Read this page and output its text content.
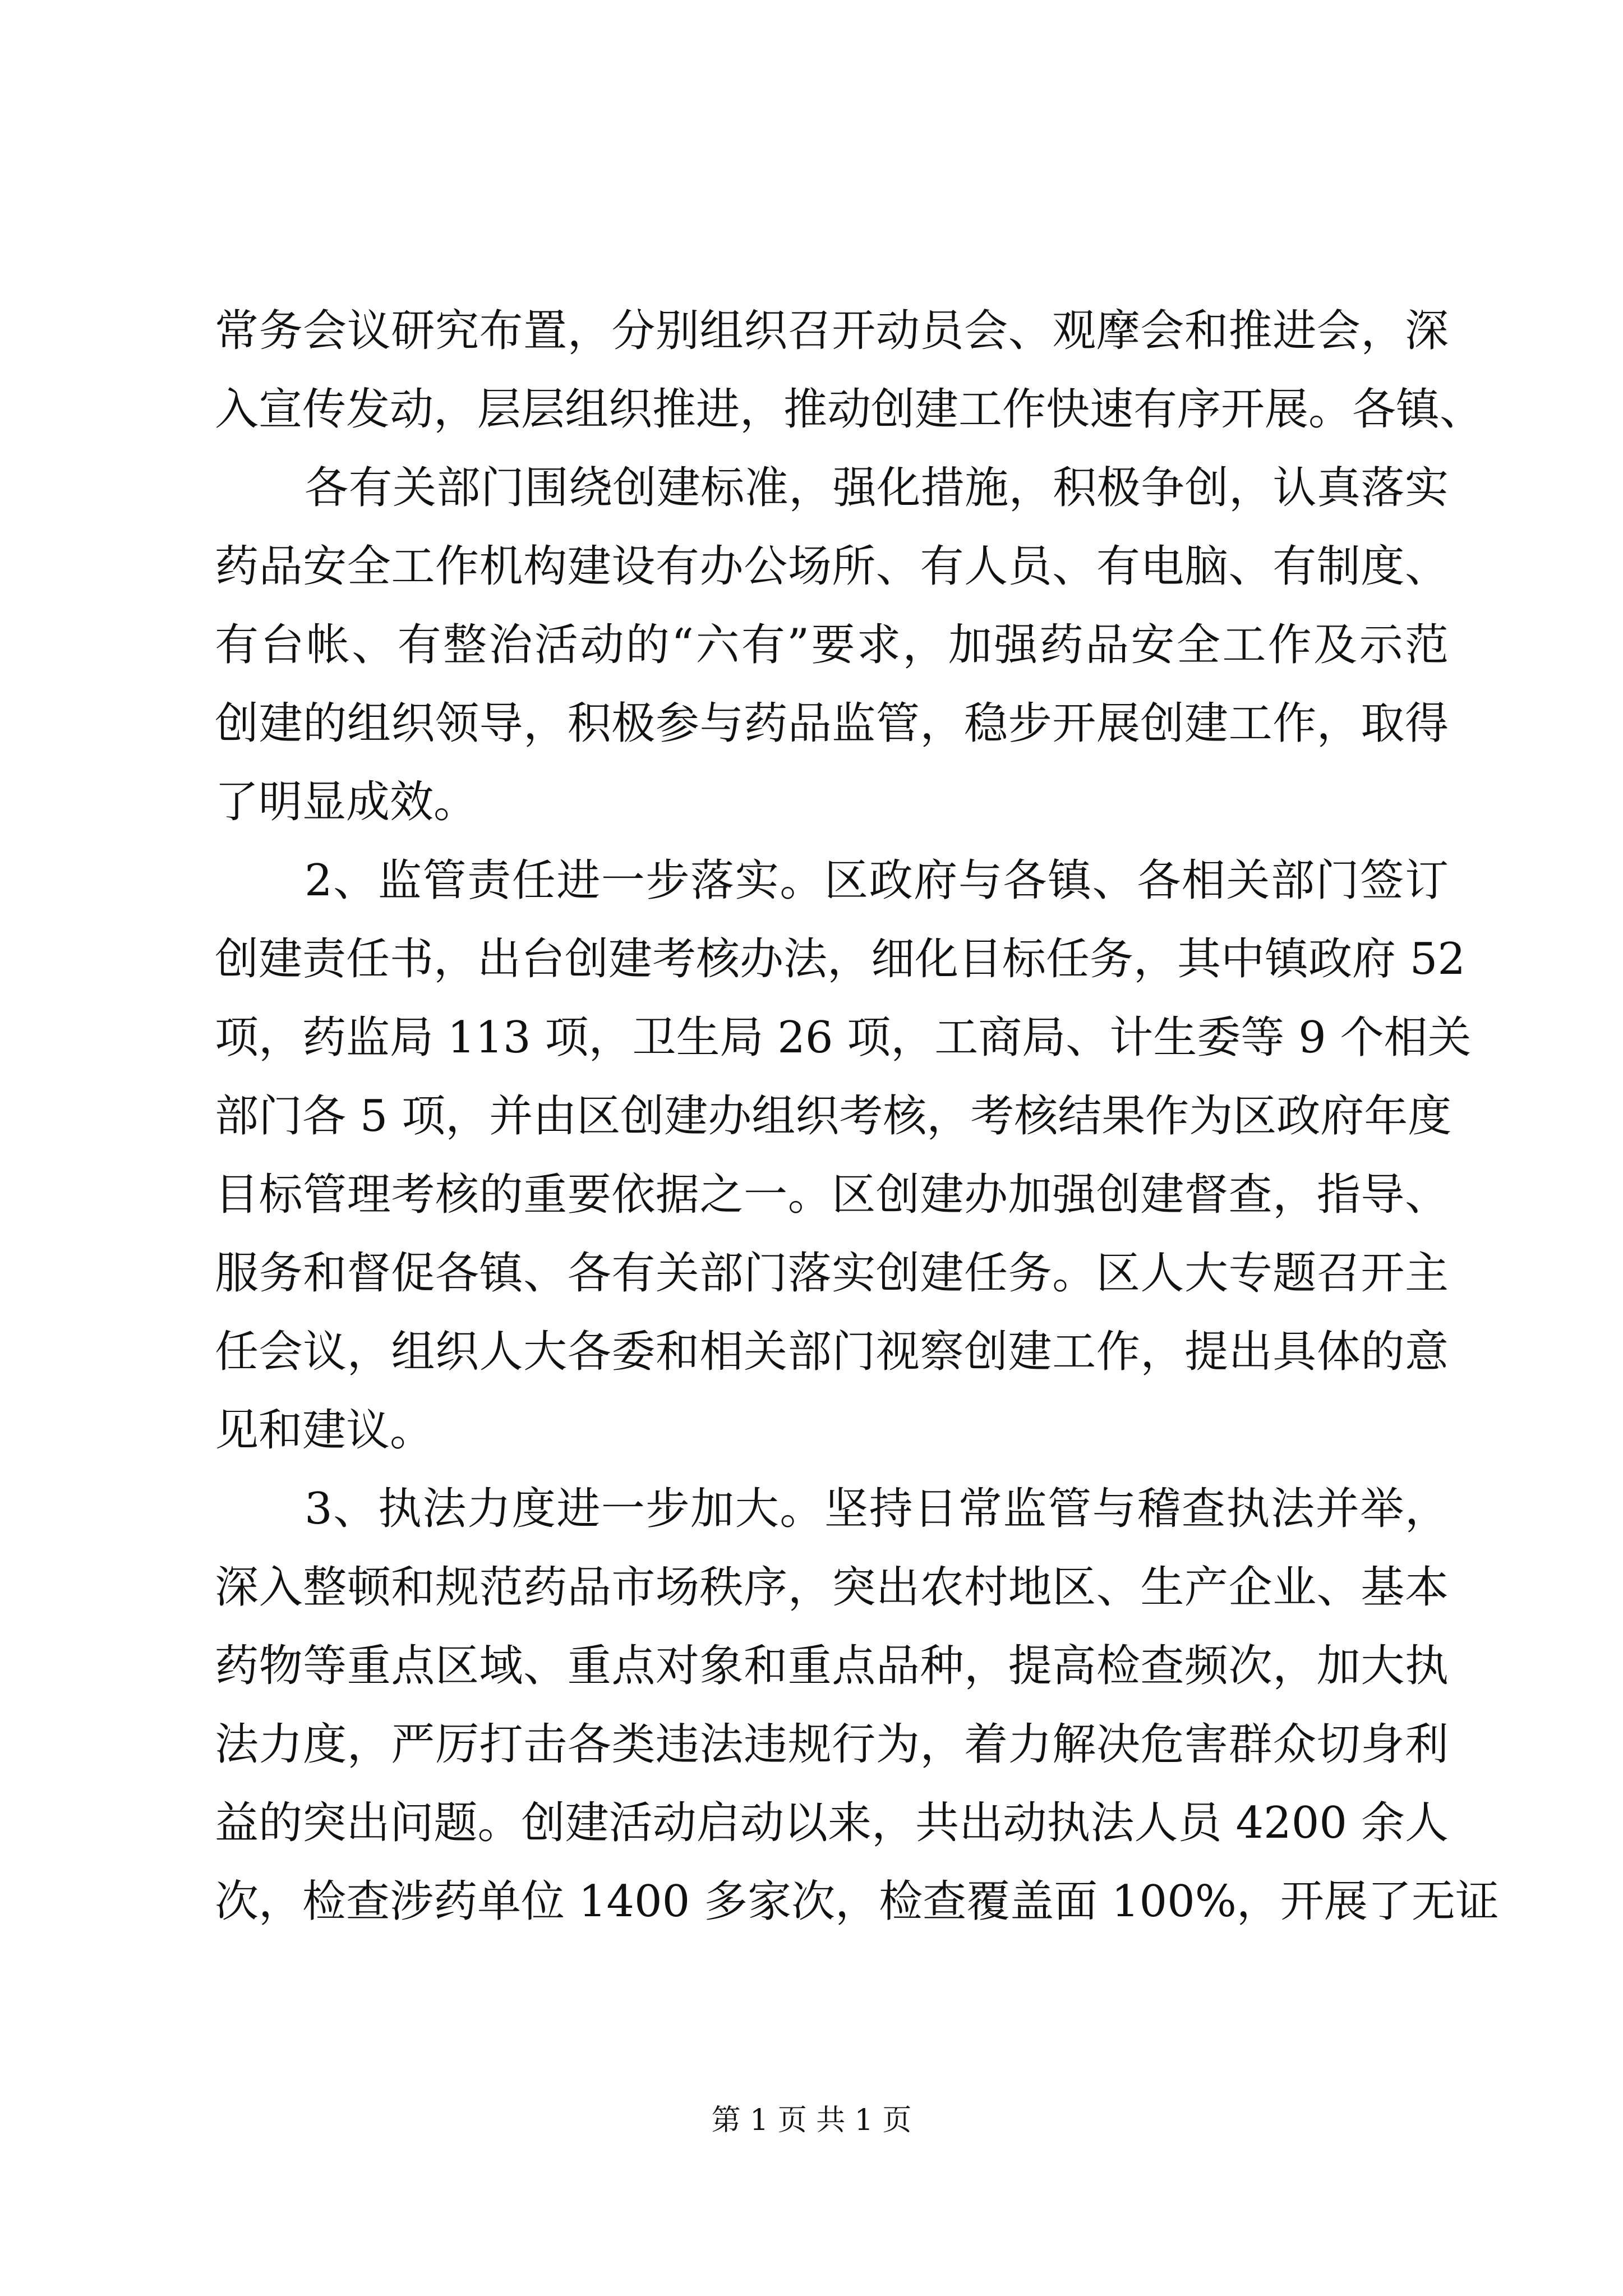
常务会议研究布置，分别组织召开动员会、观摩会和推进会，深
入宣传发动，层层组织推进，推动创建工作快速有序开展。各镇、
各有关部门围绕创建标准，强化措施，积极争创，认真落实
药品安全工作机构建设有办公场所、有人员、有电脑、有制度、
有台帐、有整治活动的“六有”要求，加强药品安全工作及示范
创建的组织领导，积极参与药品监管，稳步开展创建工作，取得
了明显成效。
2、监管责任进一步落实。区政府与各镇、各相关部门签订
创建责任书，出台创建考核办法，细化目标任务，其中镇政府 52
项，药监局 113 项，卫生局 26 项，工商局、计生委等 9 个相关
部门各 5 项，并由区创建办组织考核，考核结果作为区政府年度
目标管理考核的重要依据之一。区创建办加强创建督查，指导、
服务和督促各镇、各有关部门落实创建任务。区人大专题召开主
任会议，组织人大各委和相关部门视察创建工作，提出具体的意
见和建议。
3、执法力度进一步加大。坚持日常监管与稽查执法并举，
深入整顿和规范药品市场秩序，突出农村地区、生产企业、基本
药物等重点区域、重点对象和重点品种，提高检查频次，加大执
法力度，严厉打击各类违法违规行为，着力解决危害群众切身利
益的突出问题。创建活动启动以来，共出动执法人员 4200 余人
次，检查涉药单位 1400 多家次，检查覆盖面 100%，开展了无证
第 1 页 共 1 页
